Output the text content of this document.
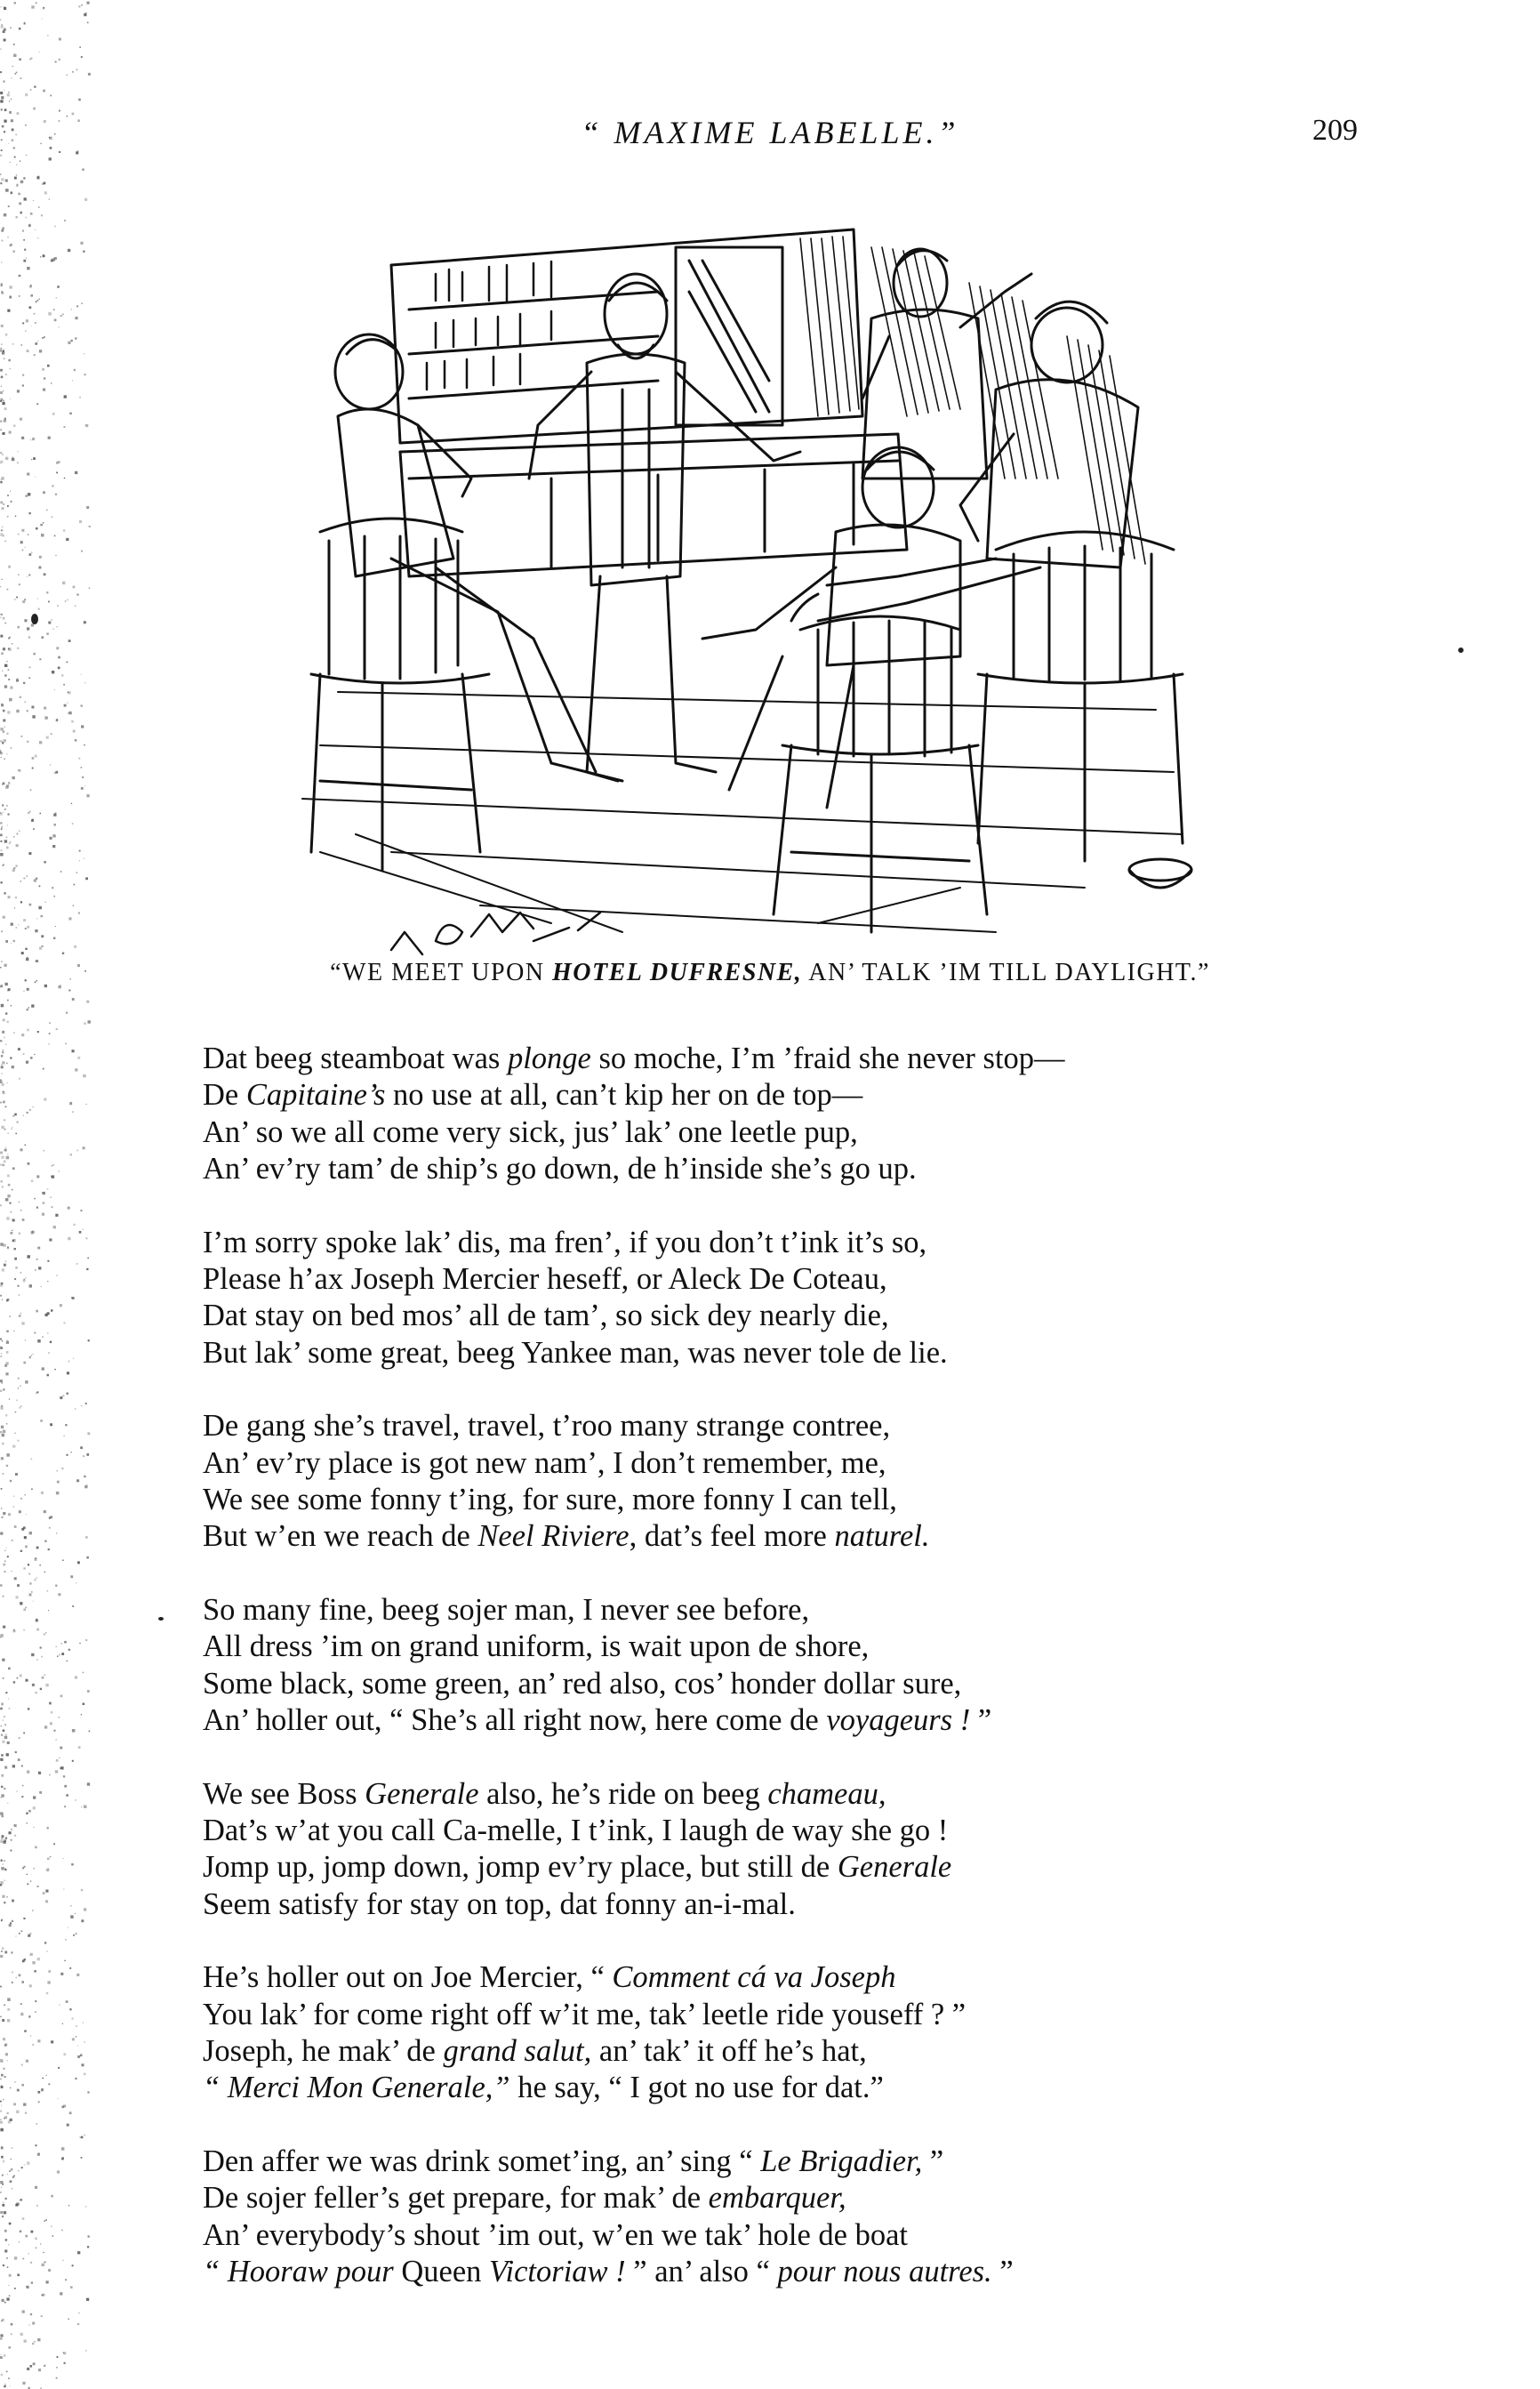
“ MAXIME LABELLE.”	209
“WE MEET UPON HOTEL DUFRESNE, AN’ TALK ’IM TILL DAYLIGHT.”
Dat beeg steamboat was plonge so moche, I’m ’fraid she never stop—
De Capitaine’s no use at all, can’t kip her on de top—
An’ so we all come very sick, jus’ lak’ one leetle pup,
An’ ev’ry tam’ de ship’s go down, de h’inside she’s go up.
I’m sorry spoke lak’ dis, ma fren’, if you don’t t’ink it’s so,
Please h’ax Joseph Mercier heseff, or Aleck De Coteau,
Dat stay on bed mos’ all de tam’, so sick dey nearly die,
But lak’ some great, beeg Yankee man, was never tole de lie.
De gang she’s travel, travel, t’roo many strange contree,
An’ ev’ry place is got new nam’, I don’t remember, me,
We see some fonny t’ing, for sure, more fonny I can tell,
But w’en we reach de Neel Riviere, dat’s feel more naturel.
So many fine, beeg sojer man, I never see before,
All dress ’im on grand uniform, is wait upon de shore,
Some black, some green, an’ red also, cos’ honder dollar sure,
An’ holler out, “ She’s all right now, here come de voyageurs ! ”
We see Boss Generale also, he’s ride on beeg chameau,
Dat’s w’at you call Ca-melle, I t’ink, I laugh de way she go !
Jomp up, jomp down, jomp ev’ry place, but still de Generale
Seem satisfy for stay on top, dat fonny an-i-mal.
He’s holler out on Joe Mercier, “ Comment cá va Joseph
You lak’ for come right off w’it me, tak’ leetle ride youseff ? ”
Joseph, he mak’ de grand salut, an’ tak’ it off he’s hat,
“ Merci Mon Generale,” he say, “ I got no use for dat.”
Den affer we was drink somet’ing, an’ sing “ Le Brigadier, ”
De sojer feller’s get prepare, for mak’ de embarquer,
An’ everybody’s shout ’im out, w’en we tak’ hole de boat
“ Hooraw pour Queen Victoriaw ! ” an’ also “ pour nous autres. ”
